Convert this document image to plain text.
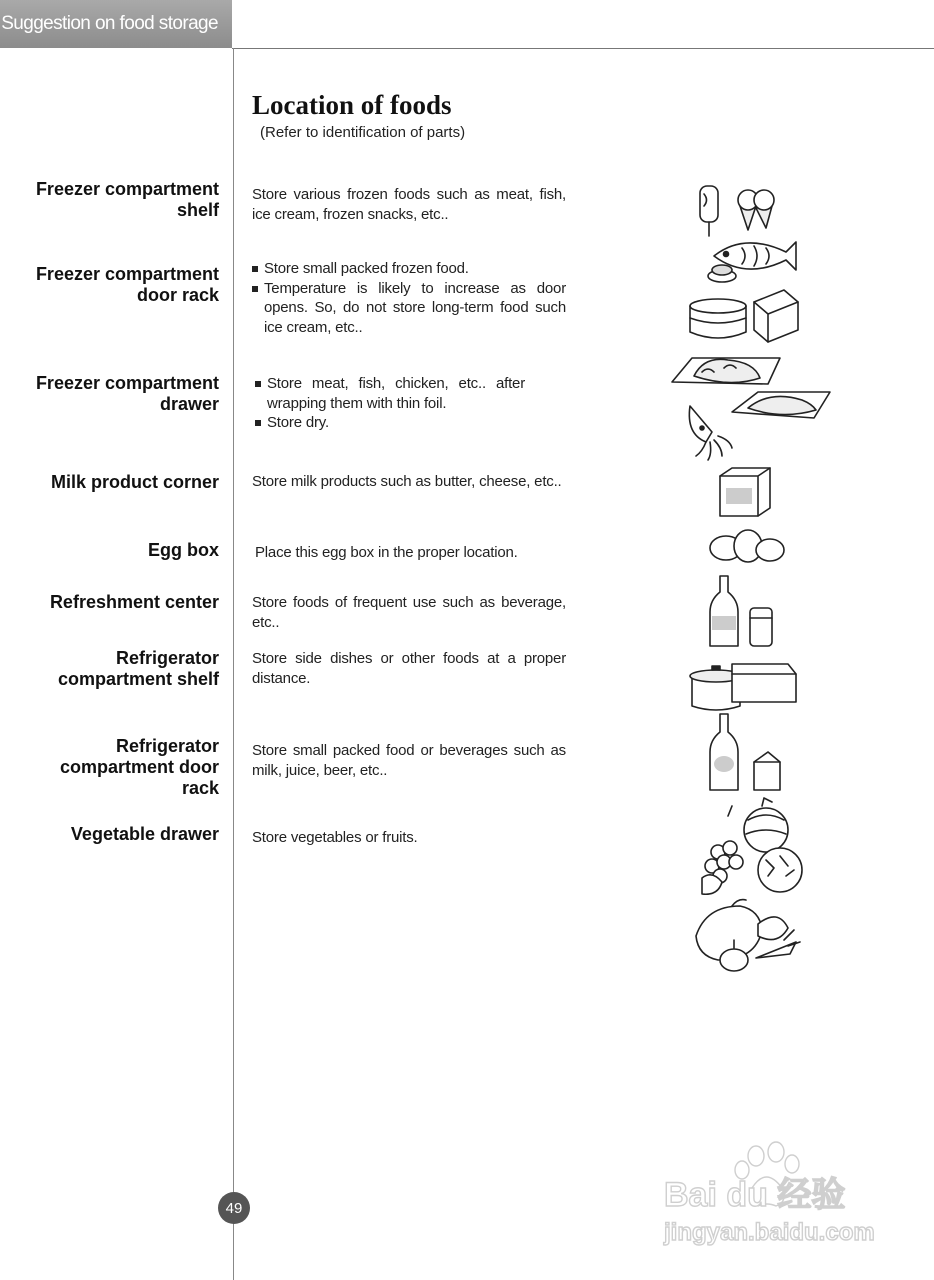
Suggestion on food storage
Location of foods
(Refer to identification of parts)
Freezer compartment shelf
Freezer compartment door rack
Freezer compartment drawer
Milk product corner
Egg box
Refreshment center
Refrigerator compartment shelf
Refrigerator compartment door rack
Vegetable drawer
Store various frozen foods such as meat, fish, ice cream, frozen snacks, etc..
Store small packed frozen food.
Temperature is likely to increase as door opens. So, do not store long-term food such ice cream, etc..
Store meat, fish, chicken, etc.. after wrapping them with thin foil.
Store dry.
Store milk products such as butter, cheese, etc..
Place this egg box in the proper location.
Store foods of frequent use such as beverage, etc..
Store side dishes or other foods at a proper distance.
Store small packed food or beverages such as milk, juice, beer, etc..
Store vegetables or fruits.
49	Bai du 经验
jingyan.baidu.com
